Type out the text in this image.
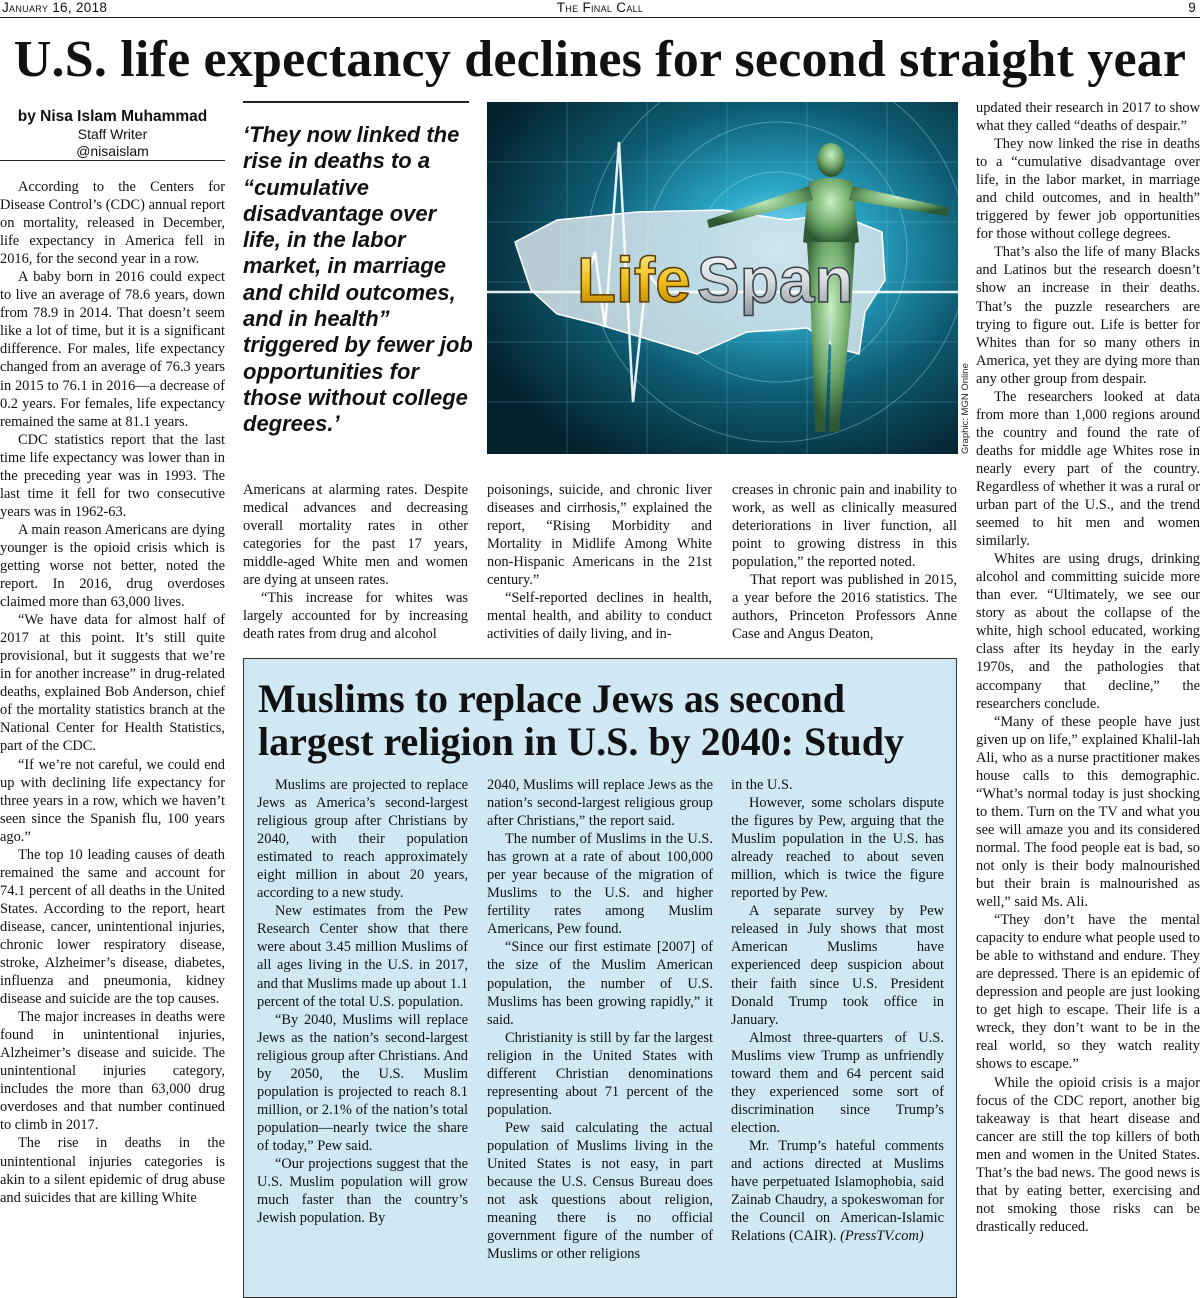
January 16, 2018	The Final Call	9
U.S. life expectancy declines for second straight year
by Nisa Islam Muhammad
Staff Writer
@nisaislam

According to the Centers for Disease Control’s (CDC) annual report on mortality, released in December, life expectancy in America fell in 2016, for the second year in a row.

A baby born in 2016 could expect to live an average of 78.6 years, down from 78.9 in 2014. That doesn’t seem like a lot of time, but it is a significant difference. For males, life expectancy changed from an average of 76.3 years in 2015 to 76.1 in 2016—a decrease of 0.2 years. For females, life expectancy remained the same at 81.1 years.

CDC statistics report that the last time life expectancy was lower than in the preceding year was in 1993. The last time it fell for two consecutive years was in 1962-63.

A main reason Americans are dying younger is the opioid crisis which is getting worse not better, noted the report. In 2016, drug overdoses claimed more than 63,000 lives.

“We have data for almost half of 2017 at this point. It’s still quite provisional, but it suggests that we’re in for another increase” in drug-related deaths, explained Bob Anderson, chief of the mortality statistics branch at the National Center for Health Statistics, part of the CDC.

“If we’re not careful, we could end up with declining life expectancy for three years in a row, which we haven’t seen since the Spanish flu, 100 years ago.”

The top 10 leading causes of death remained the same and account for 74.1 percent of all deaths in the United States. According to the report, heart disease, cancer, unintentional injuries, chronic lower respiratory disease, stroke, Alzheimer’s disease, diabetes, influenza and pneumonia, kidney disease and suicide are the top causes.

The major increases in deaths were found in unintentional injuries, Alzheimer’s disease and suicide. The unintentional injuries category, includes the more than 63,000 drug overdoses and that number continued to climb in 2017.

The rise in deaths in the unintentional injuries categories is akin to a silent epidemic of drug abuse and suicides that are killing White

‘They now linked the rise in deaths to a “cumulative disadvantage over life, in the labor market, in marriage and child outcomes, and in health” triggered by fewer job opportunities for those without college degrees.’
Life Span
Graphic: MGN Online

Americans at alarming rates. Despite medical advances and decreasing overall mortality rates in other categories for the past 17 years, middle-aged White men and women are dying at unseen rates.

“This increase for whites was largely accounted for by increasing death rates from drug and alcohol

poisonings, suicide, and chronic liver diseases and cirrhosis,” explained the report, “Rising Morbidity and Mortality in Midlife Among White non-Hispanic Americans in the 21st century.”

“Self-reported declines in health, mental health, and ability to conduct activities of daily living, and in-

creases in chronic pain and inability to work, as well as clinically measured deteriorations in liver function, all point to growing distress in this population,” the reported noted.

That report was published in 2015, a year before the 2016 statistics. The authors, Princeton Professors Anne Case and Angus Deaton,

updated their research in 2017 to show what they called “deaths of despair.”

They now linked the rise in deaths to a “cumulative disadvantage over life, in the labor market, in marriage and child outcomes, and in health” triggered by fewer job opportunities for those without college degrees.

That’s also the life of many Blacks and Latinos but the research doesn’t show an increase in their deaths. That’s the puzzle researchers are trying to figure out. Life is better for Whites than for so many others in America, yet they are dying more than any other group from despair.

The researchers looked at data from more than 1,000 regions around the country and found the rate of deaths for middle age Whites rose in nearly every part of the country. Regardless of whether it was a rural or urban part of the U.S., and the trend seemed to hit men and women similarly.

Whites are using drugs, drinking alcohol and committing suicide more than ever. “Ultimately, we see our story as about the collapse of the white, high school educated, working class after its heyday in the early 1970s, and the pathologies that accompany that decline,” the researchers conclude.

“Many of these people have just given up on life,” explained Khalil-lah Ali, who as a nurse practitioner makes house calls to this demographic. “What’s normal today is just shocking to them. Turn on the TV and what you see will amaze you and its considered normal. The food people eat is bad, so not only is their body malnourished but their brain is malnourished as well,” said Ms. Ali.

“They don’t have the mental capacity to endure what people used to be able to withstand and endure. They are depressed. There is an epidemic of depression and people are just looking to get high to escape. Their life is a wreck, they don’t want to be in the real world, so they watch reality shows to escape.”

While the opioid crisis is a major focus of the CDC report, another big takeaway is that heart disease and cancer are still the top killers of both men and women in the United States. That’s the bad news. The good news is that by eating better, exercising and not smoking those risks can be drastically reduced.

Muslims to replace Jews as second largest religion in U.S. by 2040: Study

Muslims are projected to replace Jews as America’s second-largest religious group after Christians by 2040, with their population estimated to reach approximately eight million in about 20 years, according to a new study.

New estimates from the Pew Research Center show that there were about 3.45 million Muslims of all ages living in the U.S. in 2017, and that Muslims made up about 1.1 percent of the total U.S. population.

“By 2040, Muslims will replace Jews as the nation’s second-largest religious group after Christians. And by 2050, the U.S. Muslim population is projected to reach 8.1 million, or 2.1% of the nation’s total population—nearly twice the share of today,” Pew said.

“Our projections suggest that the U.S. Muslim population will grow much faster than the country’s Jewish population. By

2040, Muslims will replace Jews as the nation’s second-largest religious group after Christians,” the report said.

The number of Muslims in the U.S. has grown at a rate of about 100,000 per year because of the migration of Muslims to the U.S. and higher fertility rates among Muslim Americans, Pew found.

“Since our first estimate [2007] of the size of the Muslim American population, the number of U.S. Muslims has been growing rapidly,” it said.

Christianity is still by far the largest religion in the United States with different Christian denominations representing about 71 percent of the population.

Pew said calculating the actual population of Muslims living in the United States is not easy, in part because the U.S. Census Bureau does not ask questions about religion, meaning there is no official government figure of the number of Muslims or other religions

in the U.S.

However, some scholars dispute the figures by Pew, arguing that the Muslim population in the U.S. has already reached to about seven million, which is twice the figure reported by Pew.

A separate survey by Pew released in July shows that most American Muslims have experienced deep suspicion about their faith since U.S. President Donald Trump took office in January.

Almost three-quarters of U.S. Muslims view Trump as unfriendly toward them and 64 percent said they experienced some sort of discrimination since Trump’s election.

Mr. Trump’s hateful comments and actions directed at Muslims have perpetuated Islamophobia, said Zainab Chaudry, a spokeswoman for the Council on American-Islamic Relations (CAIR). (PressTV.com)
